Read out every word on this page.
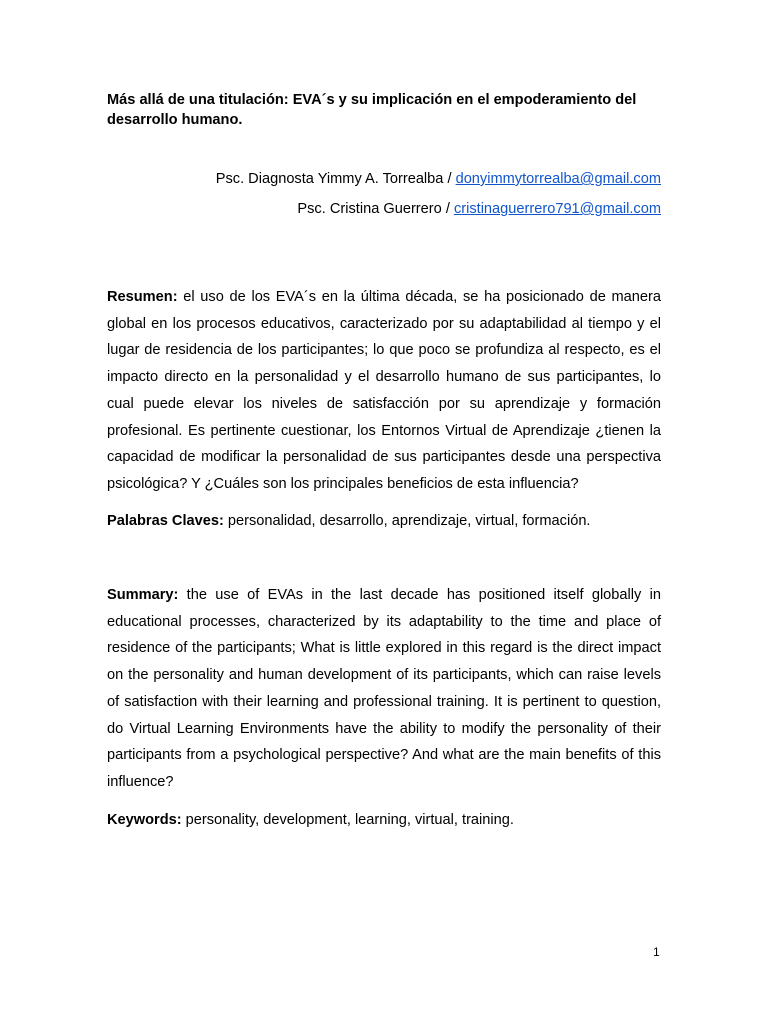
Más allá de una titulación: EVA´s y su implicación en el empoderamiento del desarrollo humano.
Psc. Diagnosta Yimmy A. Torrealba / donyimmytorrealba@gmail.com
Psc. Cristina Guerrero / cristinaguerrero791@gmail.com

Resumen: el uso de los EVA´s en la última década, se ha posicionado de manera global en los procesos educativos, caracterizado por su adaptabilidad al tiempo y el lugar de residencia de los participantes; lo que poco se profundiza al respecto, es el impacto directo en la personalidad y el desarrollo humano de sus participantes, lo cual puede elevar los niveles de satisfacción por su aprendizaje y formación profesional. Es pertinente cuestionar, los Entornos Virtual de Aprendizaje ¿tienen la capacidad de modificar la personalidad de sus participantes desde una perspectiva psicológica? Y ¿Cuáles son los principales beneficios de esta influencia?

Palabras Claves: personalidad, desarrollo, aprendizaje, virtual, formación.

Summary: the use of EVAs in the last decade has positioned itself globally in educational processes, characterized by its adaptability to the time and place of residence of the participants; What is little explored in this regard is the direct impact on the personality and human development of its participants, which can raise levels of satisfaction with their learning and professional training. It is pertinent to question, do Virtual Learning Environments have the ability to modify the personality of their participants from a psychological perspective? And what are the main benefits of this influence?

Keywords: personality, development, learning, virtual, training.

1
